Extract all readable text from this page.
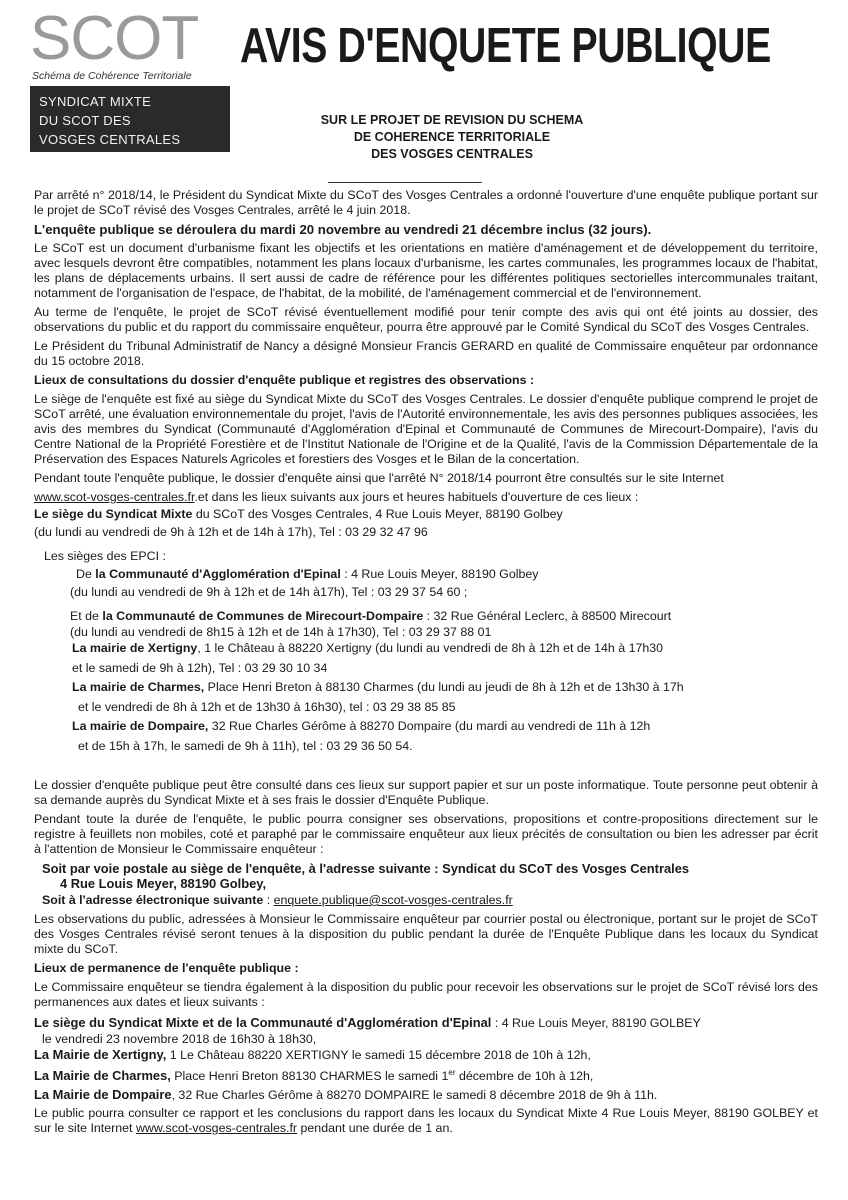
SCOT
Schéma de Cohérence Territoriale
SYNDICAT MIXTE
DU SCOT DES
VOSGES CENTRALES
AVIS D'ENQUETE PUBLIQUE
SUR LE PROJET DE REVISION DU SCHEMA
DE COHERENCE TERRITORIALE
DES VOSGES CENTRALES

Par arrêté n° 2018/14, le Président du Syndicat Mixte du SCoT des Vosges Centrales a ordonné l'ouverture d'une enquête publique portant sur le projet de SCoT révisé des Vosges Centrales, arrêté le 4 juin 2018.

L'enquête publique se déroulera du mardi 20 novembre au vendredi 21 décembre inclus (32 jours).

Le SCoT est un document d'urbanisme fixant les objectifs et les orientations en matière d'aménagement et de développement du territoire, avec lesquels devront être compatibles, notamment les plans locaux d'urbanisme, les cartes communales, les programmes locaux de l'habitat, les plans de déplacements urbains. Il sert aussi de cadre de référence pour les différentes politiques sectorielles intercommunales traitant, notamment de l'organisation de l'espace, de l'habitat, de la mobilité, de l'aménagement commercial et de l'environnement.

Au terme de l'enquête, le projet de SCoT révisé éventuellement modifié pour tenir compte des avis qui ont été joints au dossier, des observations du public et du rapport du commissaire enquêteur, pourra être approuvé par le Comité Syndical du SCoT des Vosges Centrales.

Le Président du Tribunal Administratif de Nancy a désigné Monsieur Francis GERARD en qualité de Commissaire enquêteur par ordonnance du 15 octobre 2018.

Lieux de consultations du dossier d'enquête publique et registres des observations :

Le siège de l'enquête est fixé au siège du Syndicat Mixte du SCoT des Vosges Centrales. Le dossier d'enquête publique comprend le projet de SCoT arrêté, une évaluation environnementale du projet, l'avis de l'Autorité environnementale, les avis des personnes publiques associées, les avis des membres du Syndicat (Communauté d'Agglomération d'Epinal et Communauté de Communes de Mirecourt-Dompaire), l'avis du Centre National de la Propriété Forestière et de l'Institut Nationale de l'Origine et de la Qualité, l'avis de la Commission Départementale de la Préservation des Espaces Naturels Agricoles et forestiers des Vosges et le Bilan de la concertation.

Pendant toute l'enquête publique, le dossier d'enquête ainsi que l'arrêté N° 2018/14 pourront être consultés sur le site Internet

www.scot-vosges-centrales.fr.et dans les lieux suivants aux jours et heures habituels d'ouverture de ces lieux :

Le siège du Syndicat Mixte du SCoT des Vosges Centrales, 4 Rue Louis Meyer, 88190 Golbey
(du lundi au vendredi de 9h à 12h et de 14h à 17h), Tel : 03 29 32 47 96
Les sièges des EPCI :
De la Communauté d'Agglomération d'Epinal : 4 Rue Louis Meyer, 88190 Golbey
(du lundi au vendredi de 9h à 12h et de 14h à17h), Tel : 03 29 37 54 60 ;
Et de la Communauté de Communes de Mirecourt-Dompaire : 32 Rue Général Leclerc, à 88500 Mirecourt
(du lundi au vendredi de 8h15 à 12h et de 14h à 17h30), Tel : 03 29 37 88 01
La mairie de Xertigny, 1 le Château à 88220 Xertigny (du lundi au vendredi de 8h à 12h et de 14h à 17h30
et le samedi de 9h à 12h), Tel : 03 29 30 10 34
La mairie de Charmes, Place Henri Breton à 88130 Charmes (du lundi au jeudi de 8h à 12h et de 13h30 à 17h
et le vendredi de 8h à 12h et de 13h30 à 16h30), tel : 03 29 38 85 85
La mairie de Dompaire, 32 Rue Charles Gérôme à 88270 Dompaire (du mardi au vendredi de 11h à 12h
et de 15h à 17h, le samedi de 9h à 11h), tel : 03 29 36 50 54.

Le dossier d'enquête publique peut être consulté dans ces lieux sur support papier et sur un poste informatique. Toute personne peut obtenir à sa demande auprès du Syndicat Mixte et à ses frais le dossier d'Enquête Publique.

Pendant toute la durée de l'enquête, le public pourra consigner ses observations, propositions et contre-propositions directement sur le registre à feuillets non mobiles, coté et paraphé par le commissaire enquêteur aux lieux précités de consultation ou bien les adresser par écrit à l'attention de Monsieur le Commissaire enquêteur :

Soit par voie postale au siège de l'enquête, à l'adresse suivante : Syndicat du SCoT des Vosges Centrales
4 Rue Louis Meyer, 88190 Golbey,
Soit à l'adresse électronique suivante : enquete.publique@scot-vosges-centrales.fr

Les observations du public, adressées à Monsieur le Commissaire enquêteur par courrier postal ou électronique, portant sur le projet de SCoT des Vosges Centrales révisé seront tenues à la disposition du public pendant la durée de l'Enquête Publique dans les locaux du Syndicat mixte du SCoT.

Lieux de permanence de l'enquête publique :

Le Commissaire enquêteur se tiendra également à la disposition du public pour recevoir les observations sur le projet de SCoT révisé lors des permanences aux dates et lieux suivants :

Le siège du Syndicat Mixte et de la Communauté d'Agglomération d'Epinal : 4 Rue Louis Meyer, 88190 GOLBEY
le vendredi 23 novembre 2018 de 16h30 à 18h30,
La Mairie de Xertigny, 1 Le Château 88220 XERTIGNY le samedi 15 décembre 2018 de 10h à 12h,
La Mairie de Charmes, Place Henri Breton 88130 CHARMES le samedi 1er décembre de 10h à 12h,
La Mairie de Dompaire, 32 Rue Charles Gérôme à 88270 DOMPAIRE le samedi 8 décembre 2018 de 9h à 11h.

Le public pourra consulter ce rapport et les conclusions du rapport dans les locaux du Syndicat Mixte 4 Rue Louis Meyer, 88190 GOLBEY et sur le site Internet www.scot-vosges-centrales.fr pendant une durée de 1 an.
